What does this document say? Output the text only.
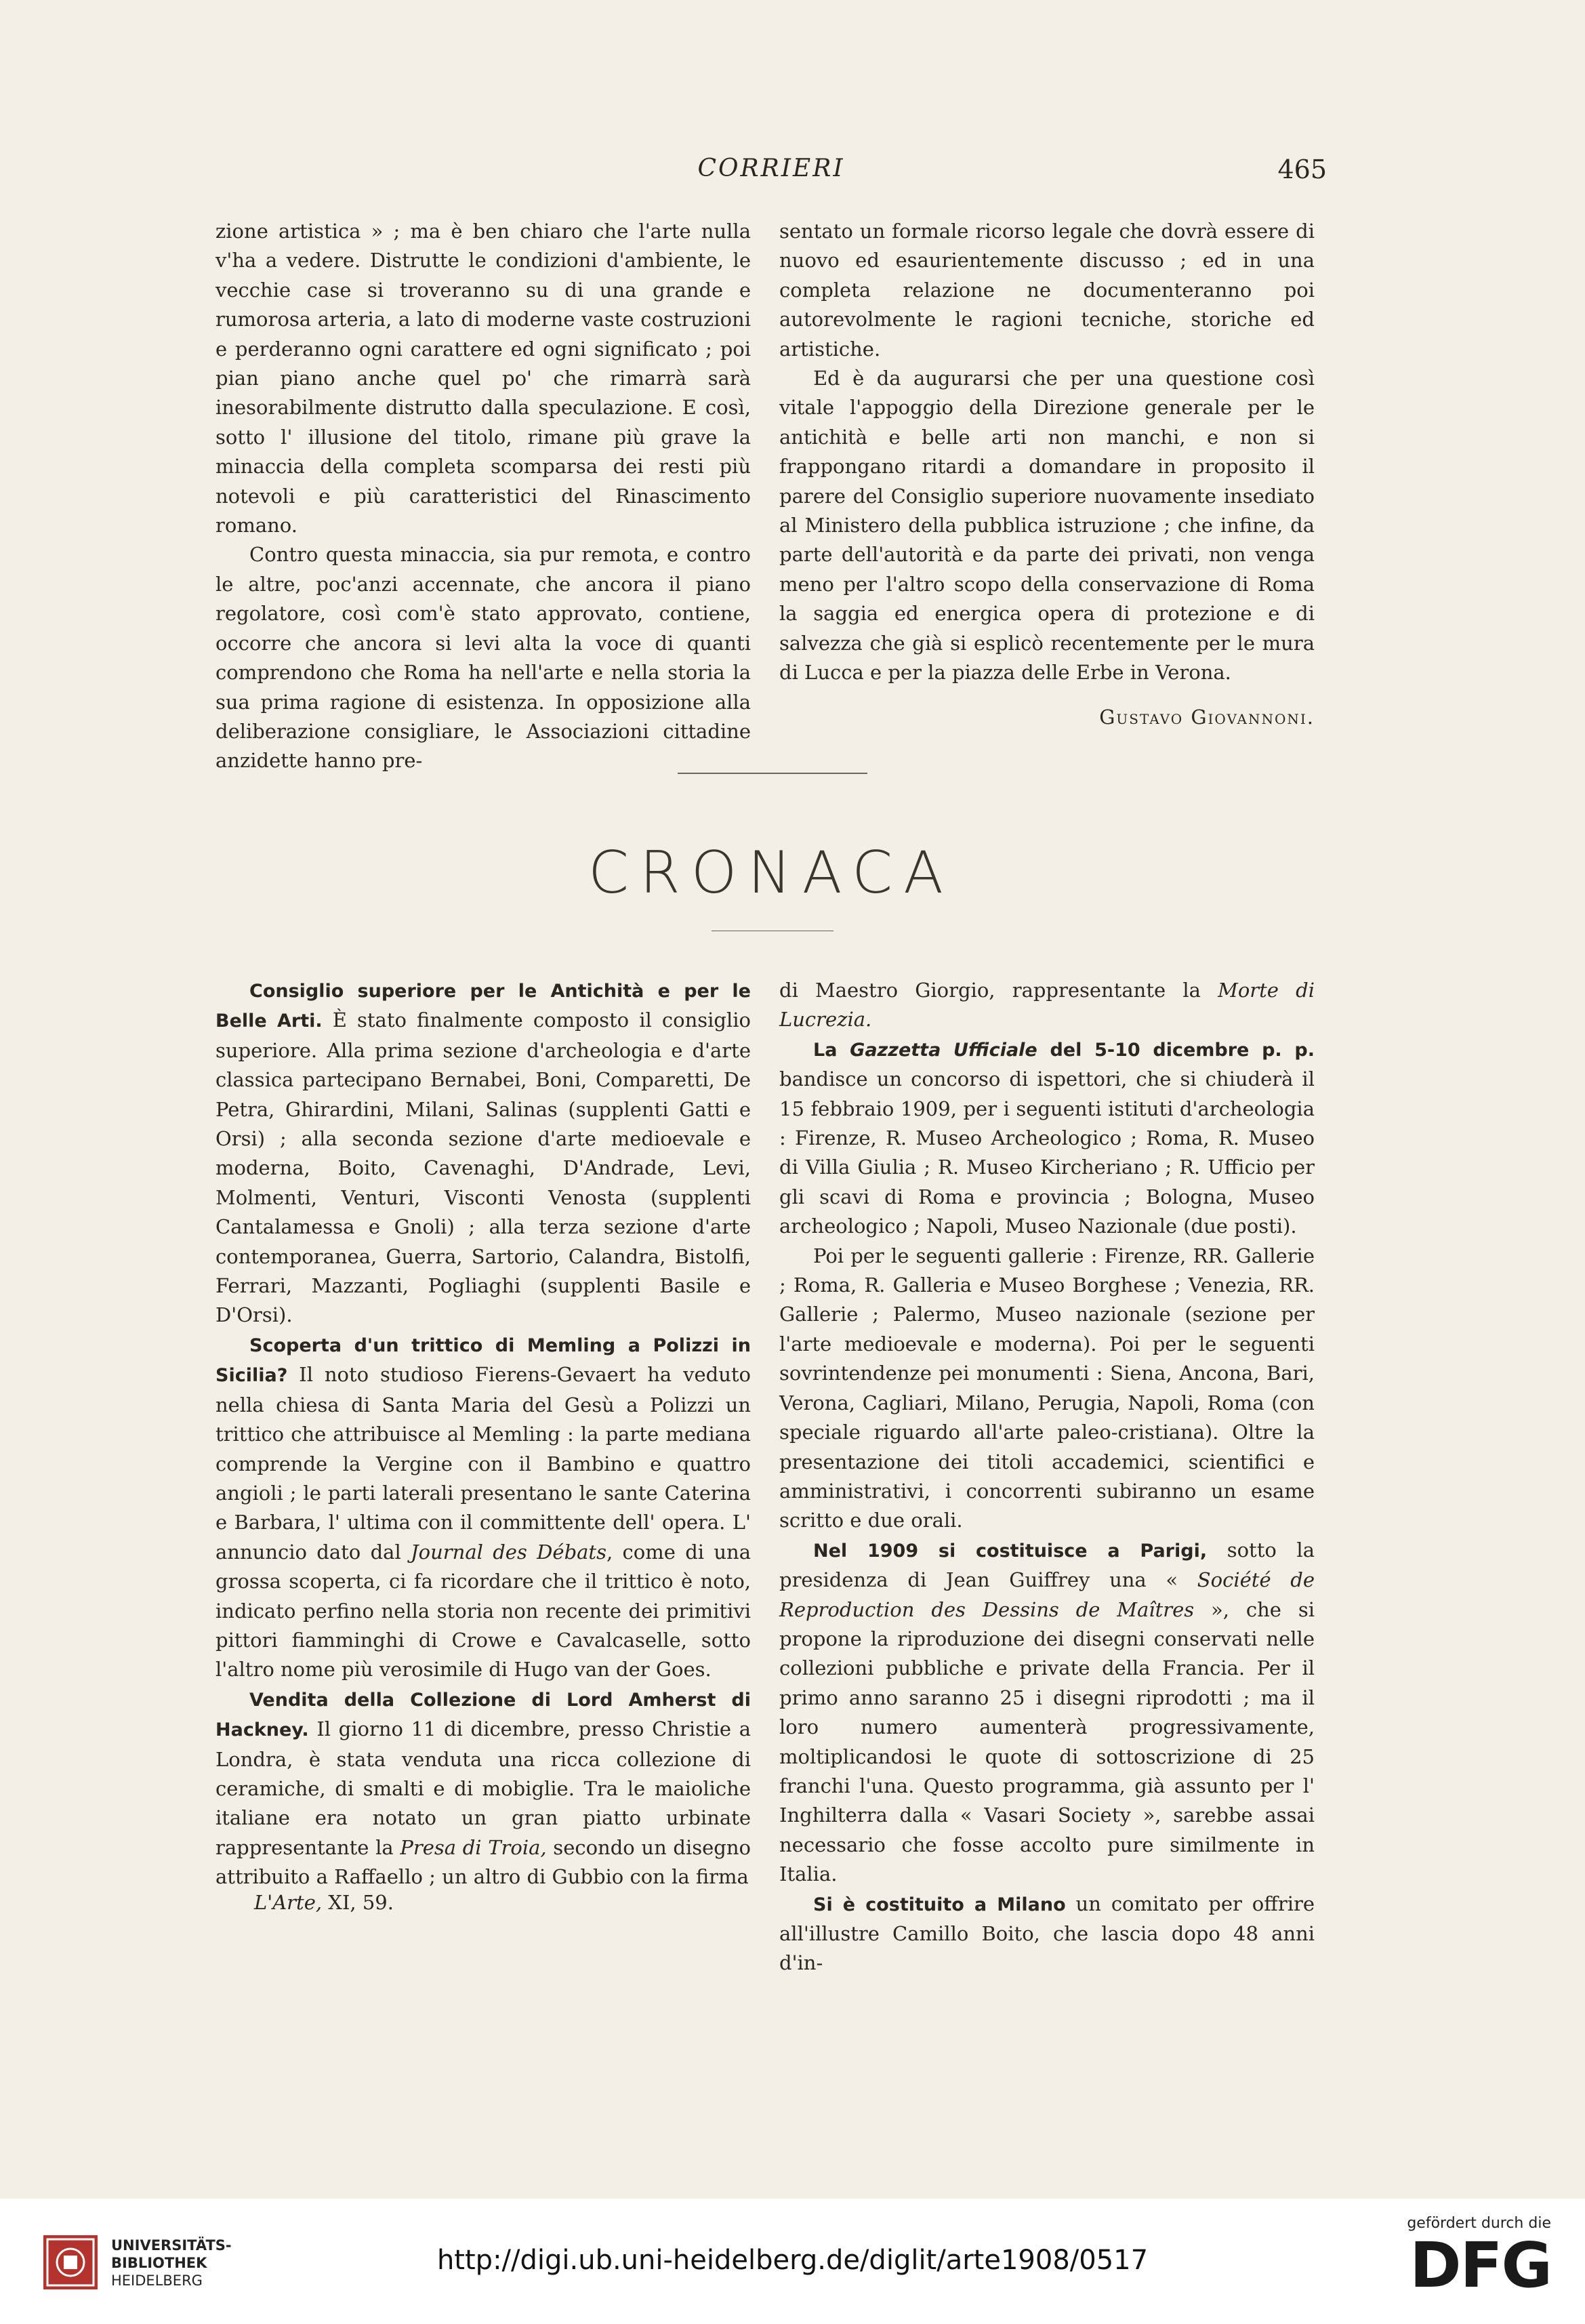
CORRIERI	465

zione artistica » ; ma è ben chiaro che l'arte nulla v'ha a vedere. Distrutte le condizioni d'ambiente, le vecchie case si troveranno su di una grande e rumorosa arteria, a lato di moderne vaste costruzioni e perderanno ogni carattere ed ogni significato ; poi pian piano anche quel po' che rimarrà sarà inesorabilmente distrutto dalla speculazione. E così, sotto l' illusione del titolo, rimane più grave la minaccia della completa scomparsa dei resti più notevoli e più caratteristici del Rinascimento romano.

Contro questa minaccia, sia pur remota, e contro le altre, poc'anzi accennate, che ancora il piano regolatore, così com'è stato approvato, contiene, occorre che ancora si levi alta la voce di quanti comprendono che Roma ha nell'arte e nella storia la sua prima ragione di esistenza. In opposizione alla deliberazione consigliare, le Associazioni cittadine anzidette hanno pre-

sentato un formale ricorso legale che dovrà essere di nuovo ed esaurientemente discusso ; ed in una completa relazione ne documenteranno poi autorevolmente le ragioni tecniche, storiche ed artistiche.

Ed è da augurarsi che per una questione così vitale l'appoggio della Direzione generale per le antichità e belle arti non manchi, e non si frappongano ritardi a domandare in proposito il parere del Consiglio superiore nuovamente insediato al Ministero della pubblica istruzione ; che infine, da parte dell'autorità e da parte dei privati, non venga meno per l'altro scopo della conservazione di Roma la saggia ed energica opera di protezione e di salvezza che già si esplicò recentemente per le mura di Lucca e per la piazza delle Erbe in Verona.

Gustavo Giovannoni.

CRONACA

Consiglio superiore per le Antichità e per le Belle Arti. È stato finalmente composto il consiglio superiore. Alla prima sezione d'archeologia e d'arte classica partecipano Bernabei, Boni, Comparetti, De Petra, Ghirardini, Milani, Salinas (supplenti Gatti e Orsi) ; alla seconda sezione d'arte medioevale e moderna, Boito, Cavenaghi, D'Andrade, Levi, Molmenti, Venturi, Visconti Venosta (supplenti Cantalamessa e Gnoli) ; alla terza sezione d'arte contemporanea, Guerra, Sartorio, Calandra, Bistolfi, Ferrari, Mazzanti, Pogliaghi (supplenti Basile e D'Orsi).

Scoperta d'un trittico di Memling a Polizzi in Sicilia? Il noto studioso Fierens-Gevaert ha veduto nella chiesa di Santa Maria del Gesù a Polizzi un trittico che attribuisce al Memling : la parte mediana comprende la Vergine con il Bambino e quattro angioli ; le parti laterali presentano le sante Caterina e Barbara, l' ultima con il committente dell' opera. L' annuncio dato dal Journal des Débats, come di una grossa scoperta, ci fa ricordare che il trittico è noto, indicato perfino nella storia non recente dei primitivi pittori fiamminghi di Crowe e Cavalcaselle, sotto l'altro nome più verosimile di Hugo van der Goes.

Vendita della Collezione di Lord Amherst di Hackney. Il giorno 11 di dicembre, presso Christie a Londra, è stata venduta una ricca collezione di ceramiche, di smalti e di mobiglie. Tra le maioliche italiane era notato un gran piatto urbinate rappresentante la Presa di Troia, secondo un disegno attribuito a Raffaello ; un altro di Gubbio con la firma

di Maestro Giorgio, rappresentante la Morte di Lucrezia.

La Gazzetta Ufficiale del 5-10 dicembre p. p. bandisce un concorso di ispettori, che si chiuderà il 15 febbraio 1909, per i seguenti istituti d'archeologia : Firenze, R. Museo Archeologico ; Roma, R. Museo di Villa Giulia ; R. Museo Kircheriano ; R. Ufficio per gli scavi di Roma e provincia ; Bologna, Museo archeologico ; Napoli, Museo Nazionale (due posti).

Poi per le seguenti gallerie : Firenze, RR. Gallerie ; Roma, R. Galleria e Museo Borghese ; Venezia, RR. Gallerie ; Palermo, Museo nazionale (sezione per l'arte medioevale e moderna). Poi per le seguenti sovrintendenze pei monumenti : Siena, Ancona, Bari, Verona, Cagliari, Milano, Perugia, Napoli, Roma (con speciale riguardo all'arte paleo-cristiana). Oltre la presentazione dei titoli accademici, scientifici e amministrativi, i concorrenti subiranno un esame scritto e due orali.

Nel 1909 si costituisce a Parigi, sotto la presidenza di Jean Guiffrey una « Société de Reproduction des Dessins de Maîtres », che si propone la riproduzione dei disegni conservati nelle collezioni pubbliche e private della Francia. Per il primo anno saranno 25 i disegni riprodotti ; ma il loro numero aumenterà progressivamente, moltiplicandosi le quote di sottoscrizione di 25 franchi l'una. Questo programma, già assunto per l' Inghilterra dalla « Vasari Society », sarebbe assai necessario che fosse accolto pure similmente in Italia.

Si è costituito a Milano un comitato per offrire all'illustre Camillo Boito, che lascia dopo 48 anni d'in-

L'Arte, XI, 59.
UNIVERSITÄTS-
BIBLIOTHEK
HEIDELBERG
http://digi.ub.uni-heidelberg.de/diglit/arte1908/0517
gefördert durch die
DFG
